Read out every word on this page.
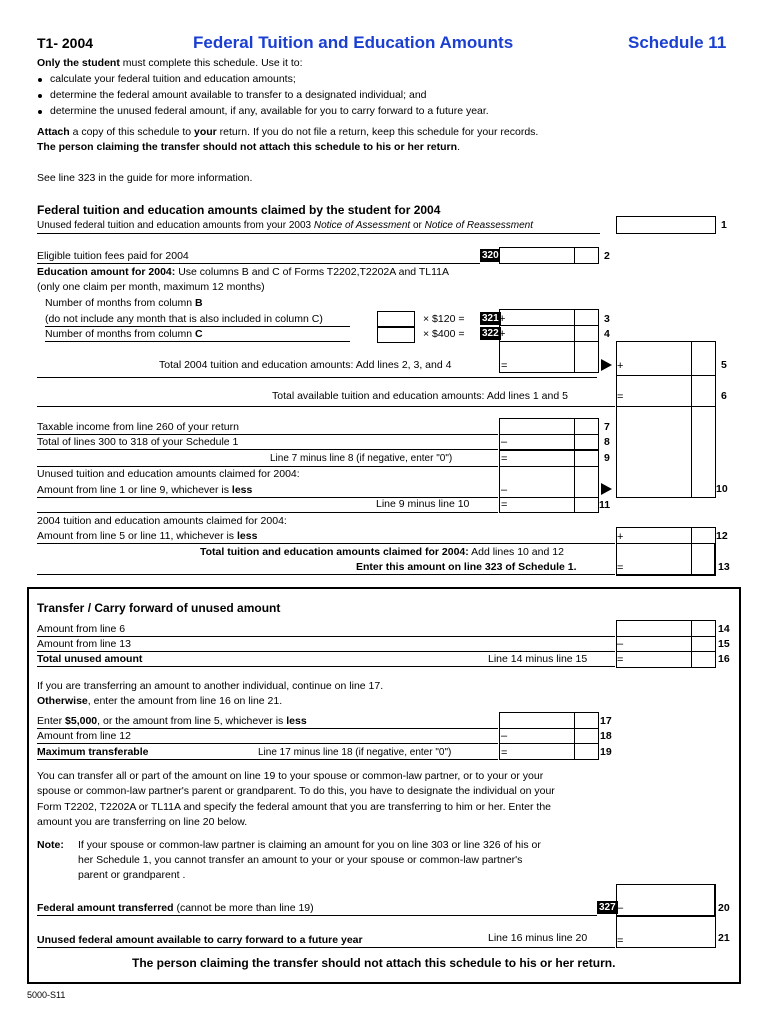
T1- 2004	Federal Tuition and Education Amounts	Schedule 11
Only the student must complete this schedule. Use it to:
calculate your federal tuition and education amounts;
determine the federal amount available to transfer to a designated individual; and
determine the unused federal amount, if any, available for you to carry forward to a future year.
Attach a copy of this schedule to your return. If you do not file a return, keep this schedule for your records.
The person claiming the transfer should not attach this schedule to his or her return.
See line 323 in the guide for more information.
Federal tuition and education amounts claimed by the student for 2004
Unused federal tuition and education amounts from your 2003 Notice of Assessment or Notice of Reassessment	1
Eligible tuition fees paid for 2004	320	2
Education amount for 2004: Use columns B and C of Forms T2202,T2202A and TL11A
(only one claim per month, maximum 12 months)
Number of months from column B
(do not include any month that is also included in column C)	× $120 = 321 +	3
Number of months from column C	× $400 = 322 +	4
Total 2004 tuition and education amounts: Add lines 2, 3, and 4	=	+	5
Total available tuition and education amounts: Add lines 1 and 5	=	6
Taxable income from line 260 of your return	7
Total of lines 300 to 318 of your Schedule 1	–	8
Line 7 minus line 8 (if negative, enter "0")	=	9
Unused tuition and education amounts claimed for 2004:
Amount from line 1 or line 9, whichever is less	–	10
Line 9 minus line 10	=	11
2004 tuition and education amounts claimed for 2004:
Amount from line 5 or line 11, whichever is less	+	12
Total tuition and education amounts claimed for 2004: Add lines 10 and 12
Enter this amount on line 323 of Schedule 1.	=	13
Transfer / Carry forward of unused amount
Amount from line 6	14
Amount from line 13	–	15
Total unused amount	Line 14 minus line 15	=	16
If you are transferring an amount to another individual, continue on line 17.
Otherwise, enter the amount from line 16 on line 21.
Enter $5,000, or the amount from line 5, whichever is less	17
Amount from line 12	–	18
Maximum transferable	Line 17 minus line 18 (if negative, enter "0")	=	19
You can transfer all or part of the amount on line 19 to your spouse or common-law partner, or to your or your
spouse or common-law partner's parent or grandparent. To do this, you have to designate the individual on your
Form T2202, T2202A or TL11A and specify the federal amount that you are transferring to him or her. Enter the
amount you are transferring on line 20 below.
Note: If your spouse or common-law partner is claiming an amount for you on line 303 or line 326 of his or
her Schedule 1, you cannot transfer an amount to your or your spouse or common-law partner's
parent or grandparent .
Federal amount transferred (cannot be more than line 19)	327 –	20
Unused federal amount available to carry forward to a future year	Line 16 minus line 20	=	21
The person claiming the transfer should not attach this schedule to his or her return.
5000-S11
